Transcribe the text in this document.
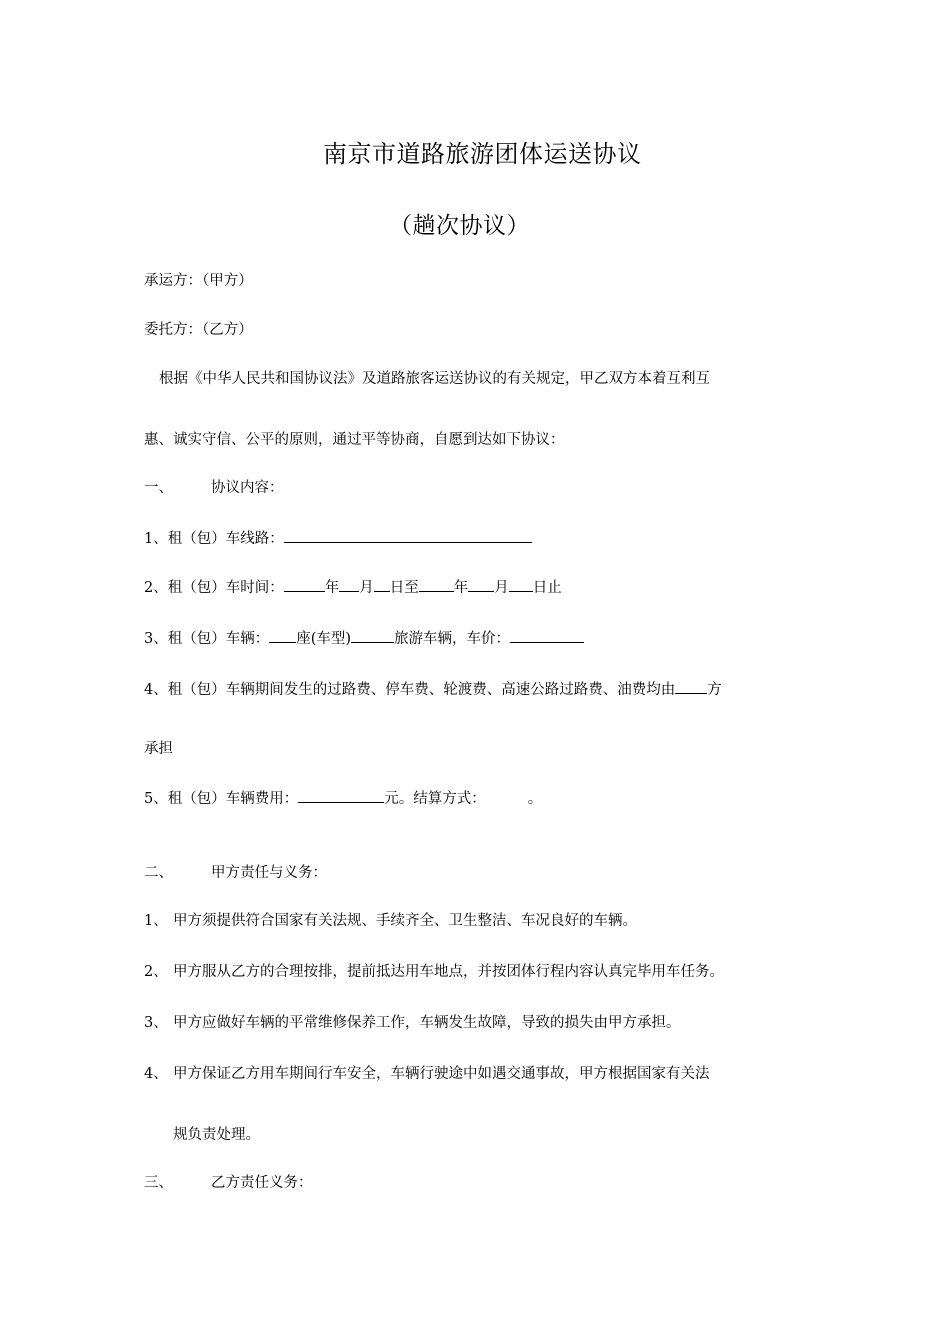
南京市道路旅游团体运送协议
（趟次协议）
承运方：（甲方）
委托方：（乙方）
根据《中华人民共和国协议法》及道路旅客运送协议的有关规定，甲乙双方本着互利互
惠、诚实守信、公平的原则，通过平等协商，自愿到达如下协议：
一、	协议内容：
1、租（包）车线路：
2、租（包）车时间：	年 月 日至 年 月 日止
3、租（包）车辆： 座(车型)	旅游车辆，车价：
4、租（包）车辆期间发生的过路费、停车费、轮渡费、高速公路过路费、油费均由 方
承担
5、租（包）车辆费用：	元。结算方式：	。
二、	甲方责任与义务：
1、 甲方须提供符合国家有关法规、手续齐全、卫生整洁、车况良好的车辆。
2、 甲方服从乙方的合理按排，提前抵达用车地点，并按团体行程内容认真完毕用车任务。
3、 甲方应做好车辆的平常维修保养工作，车辆发生故障，导致的损失由甲方承担。
4、 甲方保证乙方用车期间行车安全，车辆行驶途中如遇交通事故，甲方根据国家有关法
规负责处理。
三、	乙方责任义务：
